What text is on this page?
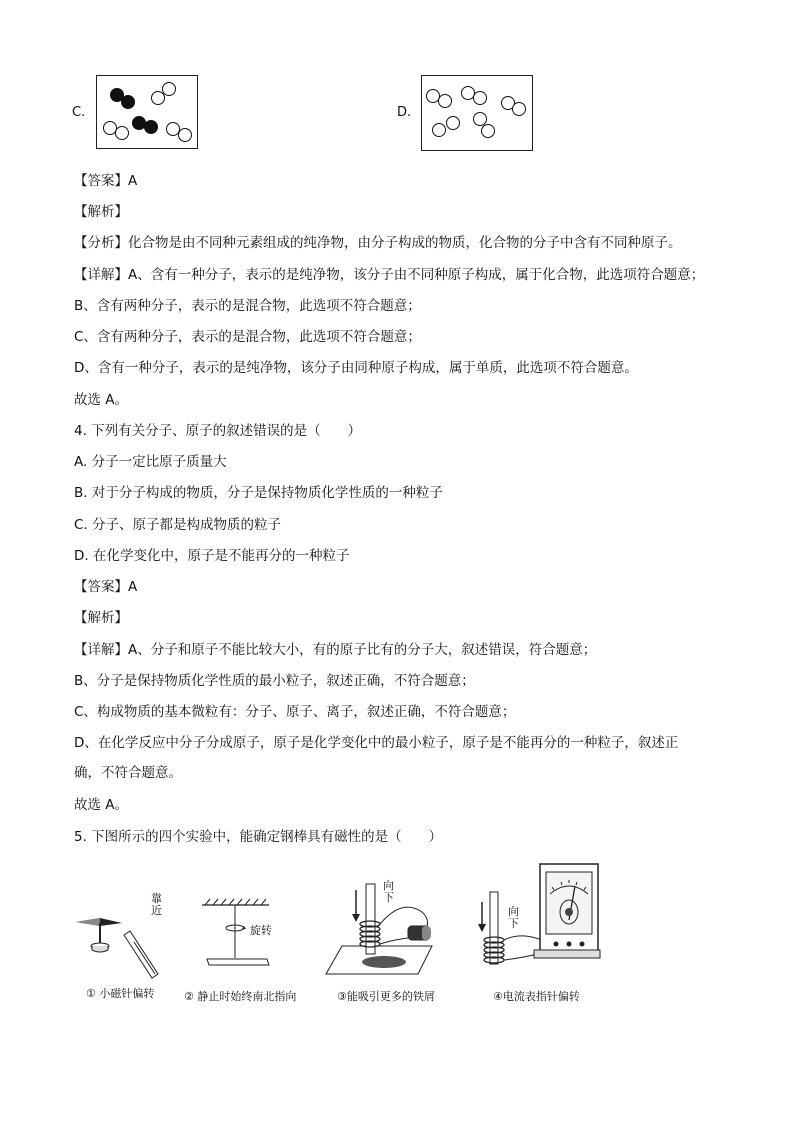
C.	D.
【答案】A
【解析】
【分析】化合物是由不同种元素组成的纯净物，由分子构成的物质，化合物的分子中含有不同种原子。
【详解】A、含有一种分子，表示的是纯净物，该分子由不同种原子构成，属于化合物，此选项符合题意；
B、含有两种分子，表示的是混合物，此选项不符合题意；
C、含有两种分子，表示的是混合物，此选项不符合题意；
D、含有一种分子，表示的是纯净物，该分子由同种原子构成，属于单质，此选项不符合题意。
故选 A。
4. 下列有关分子、原子的叙述错误的是（　　）
A. 分子一定比原子质量大
B. 对于分子构成的物质，分子是保持物质化学性质的一种粒子
C. 分子、原子都是构成物质的粒子
D. 在化学变化中，原子是不能再分的一种粒子
【答案】A
【解析】
【详解】A、分子和原子不能比较大小，有的原子比有的分子大，叙述错误，符合题意；
B、分子是保持物质化学性质的最小粒子，叙述正确，不符合题意；
C、构成物质的基本微粒有：分子、原子、离子，叙述正确，不符合题意；
D、在化学反应中分子分成原子，原子是化学变化中的最小粒子，原子是不能再分的一种粒子，叙述正
确，不符合题意。
故选 A。
5. 下图所示的四个实验中，能确定钢棒具有磁性的是（　　）
靠近
① 小磁针偏转
旋转
② 静止时始终南北指向
向下
③能吸引更多的铁屑
向下
④电流表指针偏转
